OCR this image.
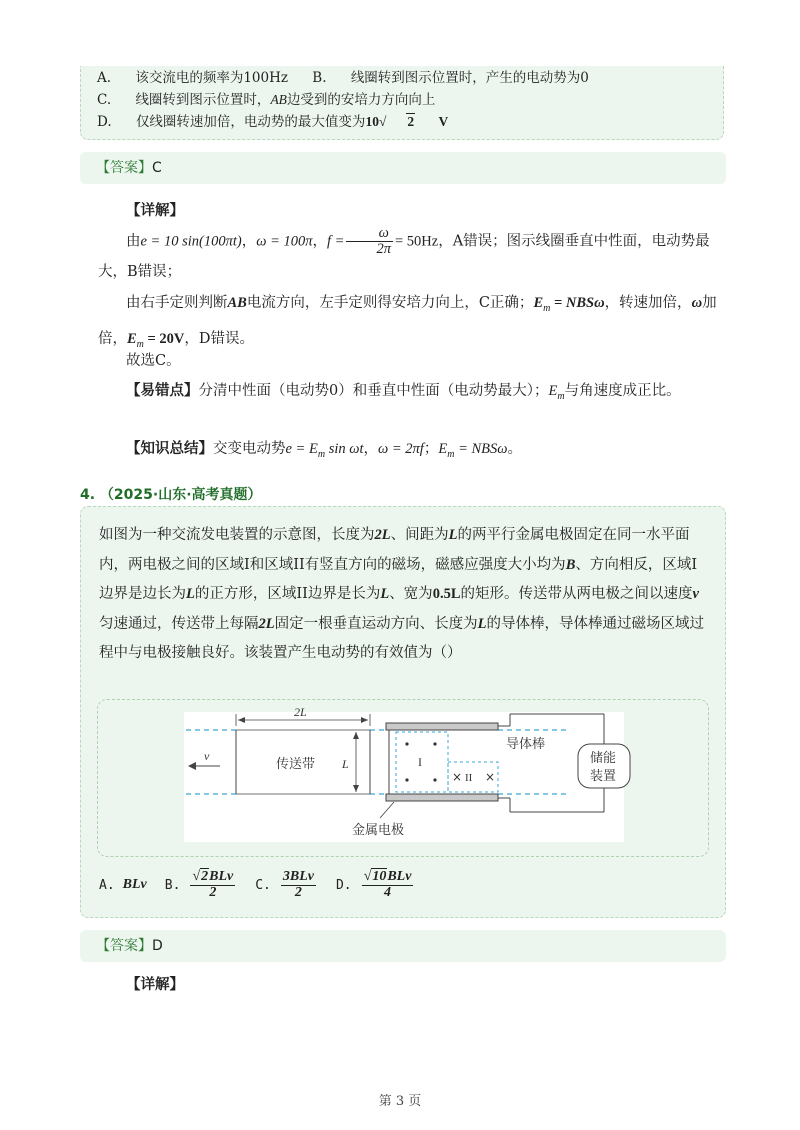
A. 该交流电的频率为100Hz B. 线圈转到图示位置时，产生的电动势为0
C. 线圈转到图示位置时，AB边受到的安培力方向向上
D. 仅线圈转速加倍，电动势的最大值变为10√ 2 V
【答案】C
【详解】
由e = 10 sin(100πt)，ω = 100π，$f = \frac{\omega}{2\pi} = 50Hz$，A错误；图示线圈垂直中性面，电动势最大，B错误；
由右手定则判断AB电流方向，左手定则得安培力向上，C正确；$E_m = NBS\omega$，转速加倍，ω加倍，$E_m = 20V$，D错误。
故选C。
【易错点】分清中性面（电动势0）和垂直中性面（电动势最大）；$E_m$与角速度成正比。
【知识总结】交变电动势$e = E_m$ sin ωt，ω = 2πf；$E_m = NBS\omega$。
4. （2025·山东·高考真题）
如图为一种交流发电装置的示意图，长度为2L、间距为L的两平行金属电极固定在同一水平面内，两电极之间的区域I和区域II有竖直方向的磁场，磁感应强度大小均为B、方向相反，区域I边界是边长为L的正方形，区域II边界是长为L、宽为0.5L的矩形。传送带从两电极之间以速度v匀速通过，传送带上每隔2L固定一根垂直运动方向、长度为L的导体棒，导体棒通过磁场区域过程中与电极接触良好。该装置产生电动势的有效值为（）
2L
v
传送带 L	I
× II ×
导体棒
储能
装置
金属电极
A. BLv B. $\frac{\text{√2BLv}}{2} C$. $\frac{\text{3BLv}}{2} D$. $\frac{\text{√10BLv}}{4}$
【答案】D
【详解】
第 3 页
